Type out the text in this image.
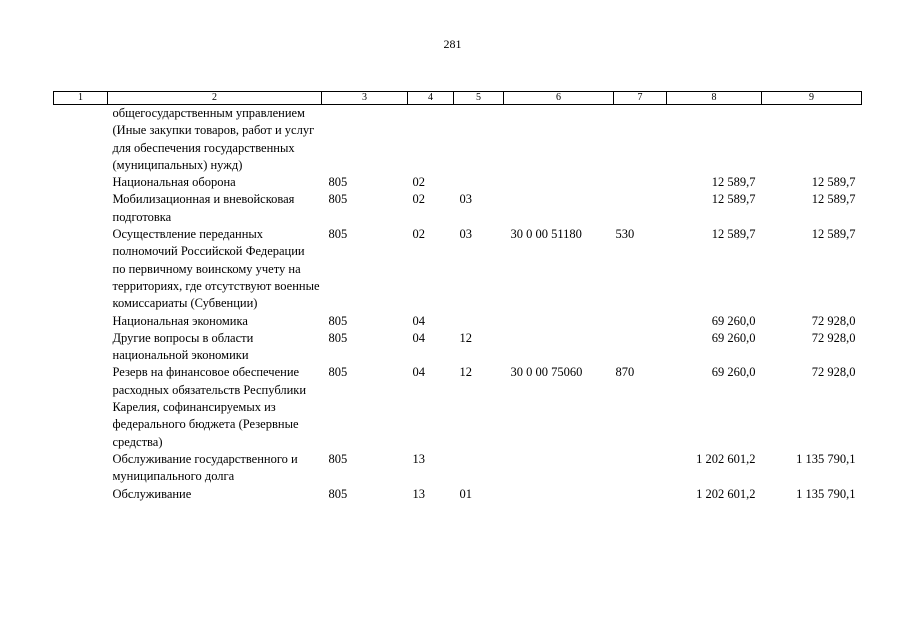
281
1	2	3	4	5	6	7	8	9
	общегосударственным управлением (Иные закупки товаров, работ и услуг для обеспечения государственных (муниципальных) нужд)							
	Национальная оборона	805	02				12 589,7	12 589,7
	Мобилизационная и вневойсковая подготовка	805	02	03			12 589,7	12 589,7
	Осуществление переданных полномочий Российской Федерации по первичному воинскому учету на территориях, где отсутствуют военные комиссариаты (Субвенции)	805	02	03	30 0 00 51180	530	12 589,7	12 589,7
	Национальная экономика	805	04				69 260,0	72 928,0
	Другие вопросы в области национальной экономики	805	04	12			69 260,0	72 928,0
	Резерв на финансовое обеспечение расходных обязательств Республики Карелия, софинансируемых из федерального бюджета (Резервные средства)	805	04	12	30 0 00 75060	870	69 260,0	72 928,0
	Обслуживание государственного и муниципального долга	805	13				1 202 601,2	1 135 790,1
	Обслуживание	805	13	01			1 202 601,2	1 135 790,1
